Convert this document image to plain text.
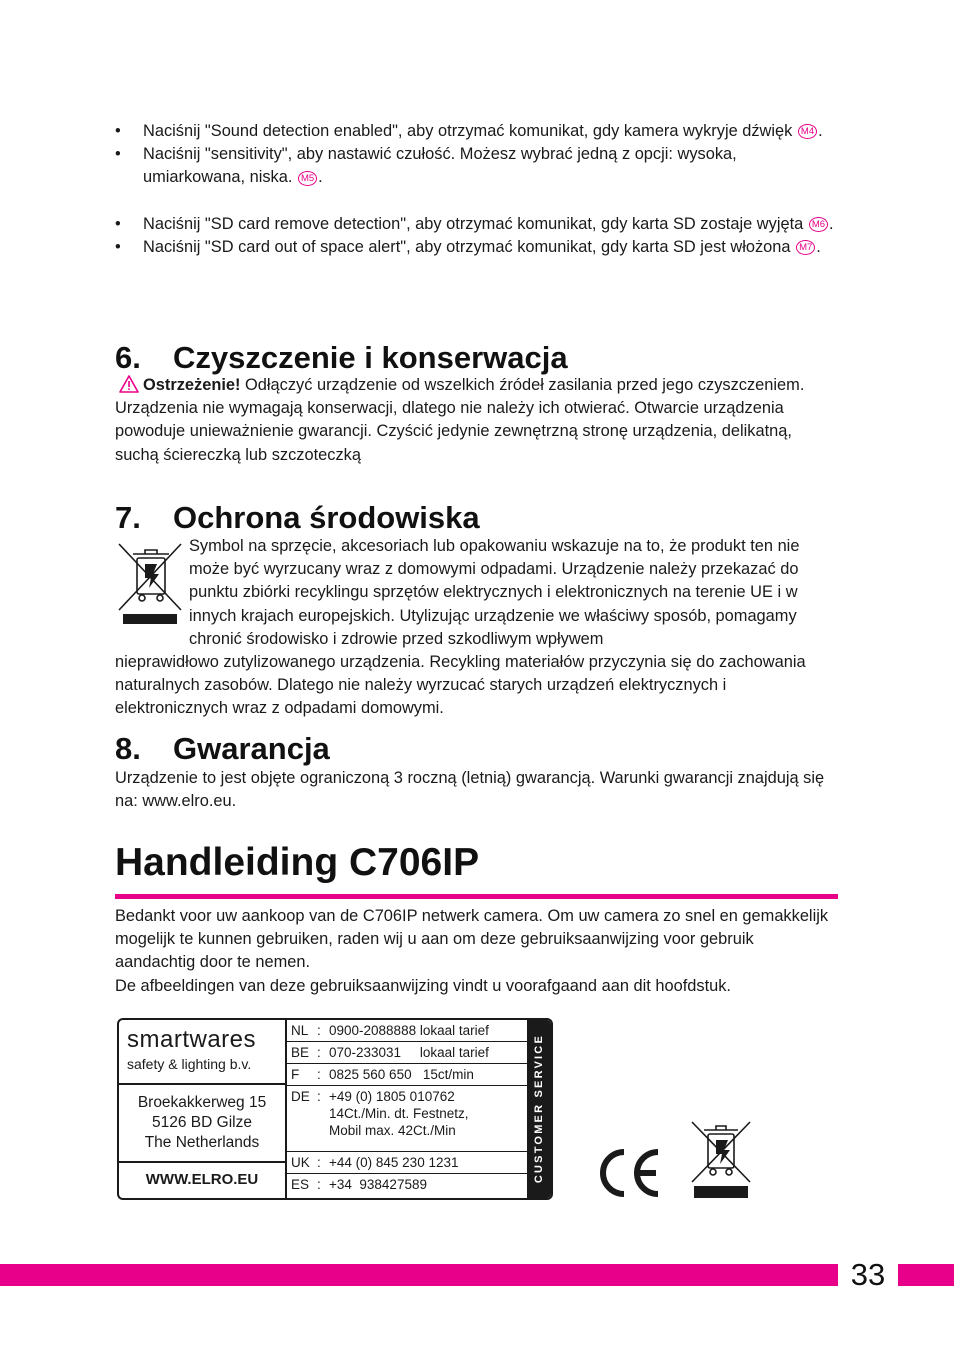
• Naciśnij "Sound detection enabled", aby otrzymać komunikat, gdy kamera wykryje dźwięk M4 .
• Naciśnij "sensitivity", aby nastawić czułość. Możesz wybrać jedną z opcji: wysoka, umiarkowana, niska. M5 .
• Naciśnij "SD card remove detection", aby otrzymać komunikat, gdy karta SD zostaje wyjęta M6 .
• Naciśnij "SD card out of space alert", aby otrzymać komunikat, gdy karta SD jest włożona M7 .
6. Czyszczenie i konserwacja
Ostrzeżenie! Odłączyć urządzenie od wszelkich źródeł zasilania przed jego czyszczeniem.
Urządzenia nie wymagają konserwacji, dlatego nie należy ich otwierać. Otwarcie urządzenia powoduje unieważnienie gwarancji. Czyścić jedynie zewnętrzną stronę urządzenia, delikatną, suchą ściereczką lub szczoteczką
7. Ochrona środowiska
Symbol na sprzęcie, akcesoriach lub opakowaniu wskazuje na to, że produkt ten nie może być wyrzucany wraz z domowymi odpadami. Urządzenie należy przekazać do punktu zbiórki recyklingu sprzętów elektrycznych i elektronicznych na terenie UE i w innych krajach europejskich. Utylizując urządzenie we właściwy sposób, pomagamy chronić środowisko i zdrowie przed szkodliwym wpływem
nieprawidłowo zutylizowanego urządzenia. Recykling materiałów przyczynia się do zachowania naturalnych zasobów. Dlatego nie należy wyrzucać starych urządzeń elektrycznych i elektronicznych wraz z odpadami domowymi.
8. Gwarancja
Urządzenie to jest objęte ograniczoną 3 roczną (letnią) gwarancją. Warunki gwarancji znajdują się na: www.elro.eu.
Handleiding C706IP
Bedankt voor uw aankoop van de C706IP netwerk camera. Om uw camera zo snel en gemakkelijk mogelijk te kunnen gebruiken, raden wij u aan om deze gebruiksaanwijzing voor gebruik aandachtig door te nemen.
De afbeeldingen van deze gebruiksaanwijzing vindt u voorafgaand aan dit hoofdstuk.
smartwares
safety & lighting b.v.
Broekakkerweg 15
5126 BD Gilze
The Netherlands
WWW.ELRO.EU
NL : 0900-2088888 lokaal tarief
BE : 070-233031     lokaal tarief
F	: 0825 560 650   15ct/min
DE : +49 (0) 1805 010762
14Ct./Min. dt. Festnetz,
Mobil max. 42Ct./Min
UK : +44 (0) 845 230 1231
ES : +34  938427589
CUSTOMER SERVICE
33
